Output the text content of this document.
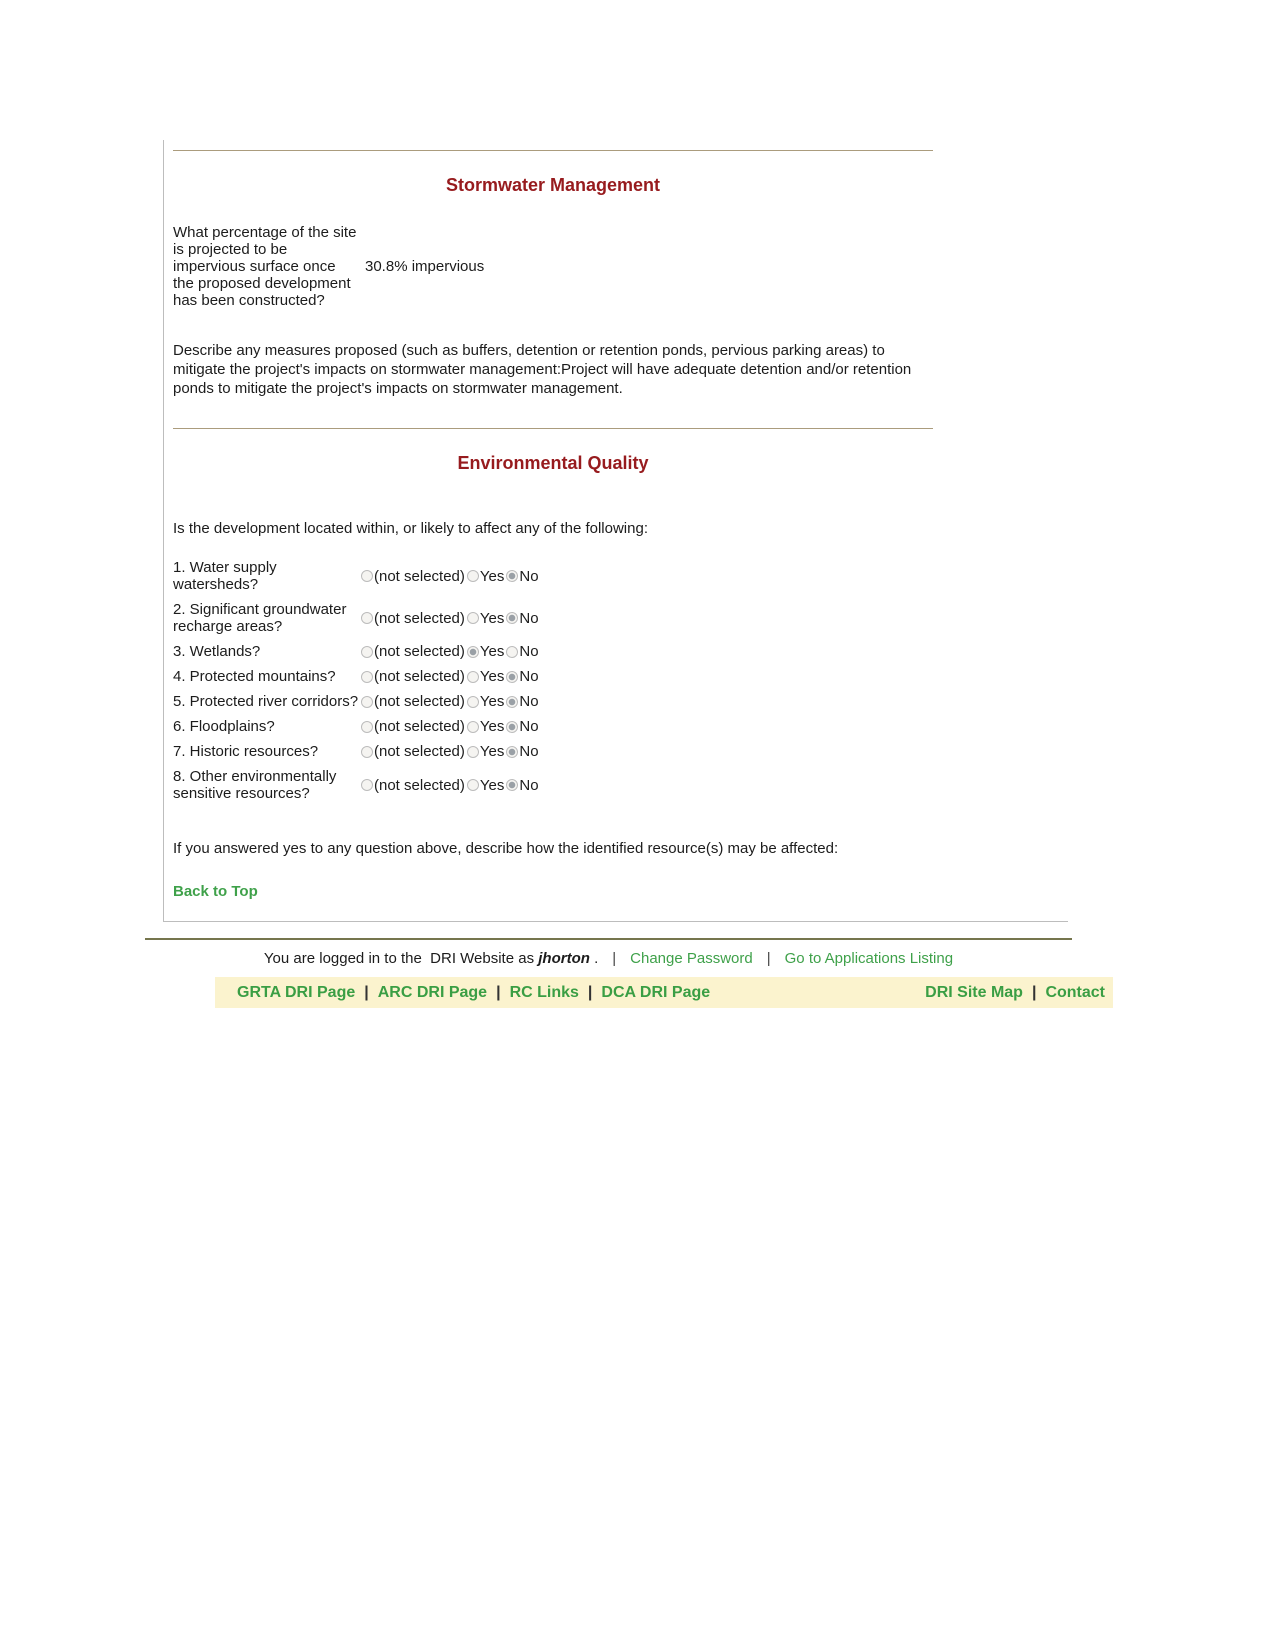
Stormwater Management
What percentage of the site is projected to be impervious surface once the proposed development has been constructed?
30.8% impervious
Describe any measures proposed (such as buffers, detention or retention ponds, pervious parking areas) to mitigate the project's impacts on stormwater management:Project will have adequate detention and/or retention ponds to mitigate the project's impacts on stormwater management.
Environmental Quality
Is the development located within, or likely to affect any of the following:
1. Water supply watersheds?	(not selected) Yes No
2. Significant groundwater recharge areas?	(not selected) Yes No
3. Wetlands?	(not selected) Yes No
4. Protected mountains?	(not selected) Yes No
5. Protected river corridors? (not selected) Yes No
6. Floodplains?	(not selected) Yes No
7. Historic resources?	(not selected) Yes No
8. Other environmentally sensitive resources?	(not selected) Yes No
If you answered yes to any question above, describe how the identified resource(s) may be affected:
Back to Top
You are logged in to the  DRI Website as jhorton . | Change Password | Go to Applications Listing
GRTA DRI Page | ARC DRI Page | RC Links | DCA DRI Page	DRI Site Map | Contact
